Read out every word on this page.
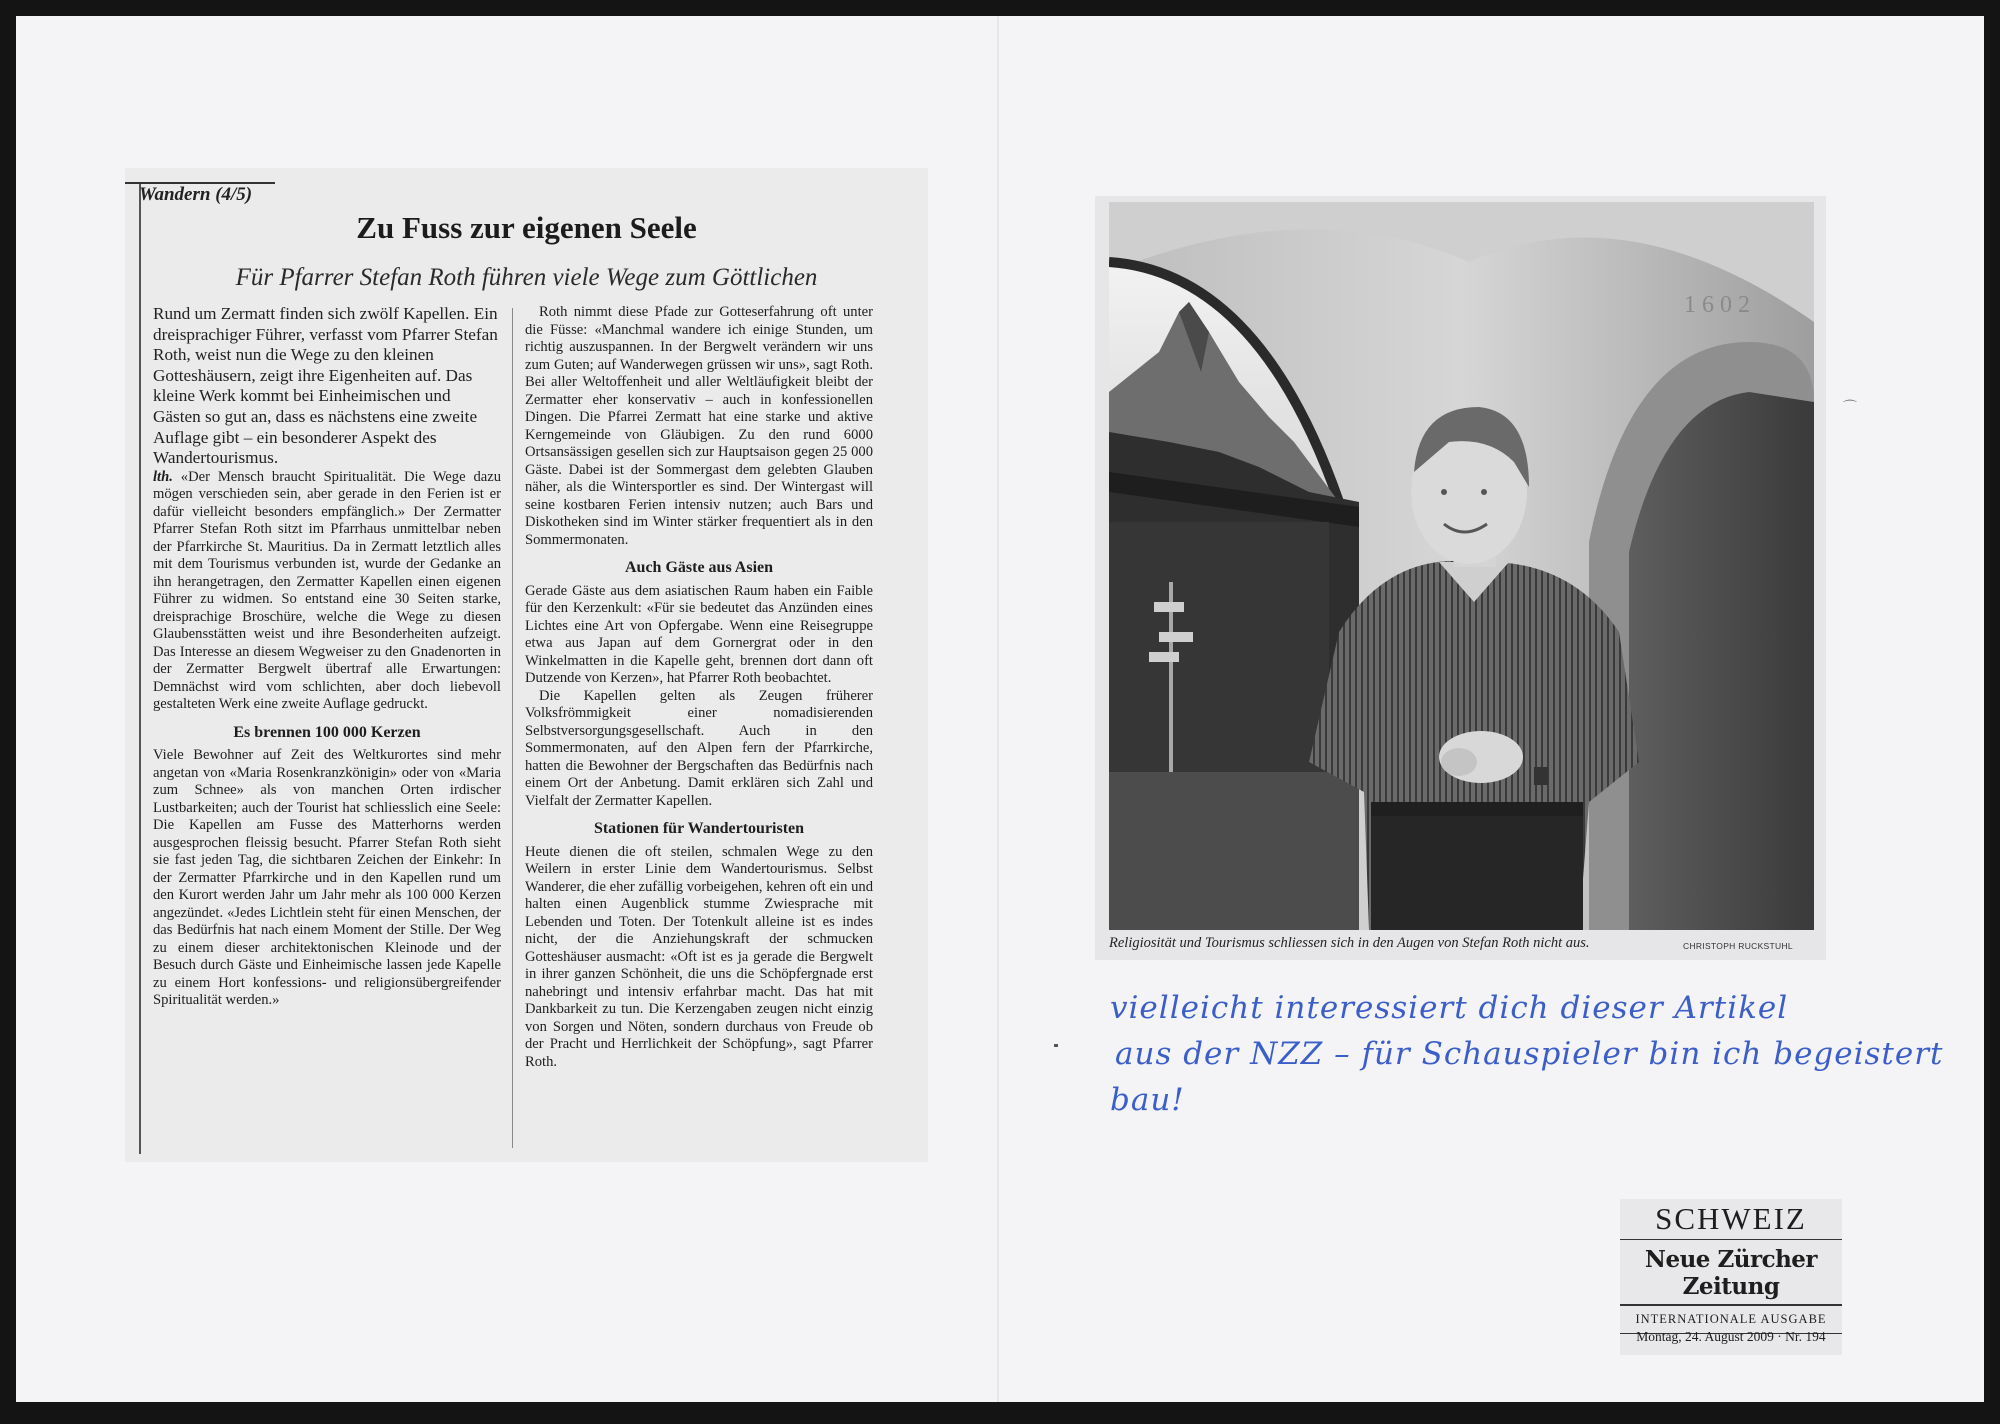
Wandern (4/5)
Zu Fuss zur eigenen Seele
Für Pfarrer Stefan Roth führen viele Wege zum Göttlichen

Rund um Zermatt finden sich zwölf Kapellen. Ein dreisprachiger Führer, verfasst vom Pfarrer Stefan Roth, weist nun die Wege zu den kleinen Gotteshäusern, zeigt ihre Eigenheiten auf. Das kleine Werk kommt bei Einheimischen und Gästen so gut an, dass es nächstens eine zweite Auflage gibt – ein besonderer Aspekt des Wandertourismus.

lth. «Der Mensch braucht Spiritualität. Die Wege dazu mögen verschieden sein, aber gerade in den Ferien ist er dafür vielleicht besonders empfänglich.» Der Zermatter Pfarrer Stefan Roth sitzt im Pfarrhaus unmittelbar neben der Pfarrkirche St. Mauritius. Da in Zermatt letztlich alles mit dem Tourismus verbunden ist, wurde der Gedanke an ihn herangetragen, den Zermatter Kapellen einen eigenen Führer zu widmen. So entstand eine 30 Seiten starke, dreisprachige Broschüre, welche die Wege zu diesen Glaubensstätten weist und ihre Besonderheiten aufzeigt. Das Interesse an diesem Wegweiser zu den Gnadenorten in der Zermatter Bergwelt übertraf alle Erwartungen: Demnächst wird vom schlichten, aber doch liebevoll gestalteten Werk eine zweite Auflage gedruckt.

Es brennen 100 000 Kerzen

Viele Bewohner auf Zeit des Weltkurortes sind mehr angetan von «Maria Rosenkranzkönigin» oder von «Maria zum Schnee» als von manchen Orten irdischer Lustbarkeiten; auch der Tourist hat schliesslich eine Seele: Die Kapellen am Fusse des Matterhorns werden ausgesprochen fleissig besucht. Pfarrer Stefan Roth sieht sie fast jeden Tag, die sichtbaren Zeichen der Einkehr: In der Zermatter Pfarrkirche und in den Kapellen rund um den Kurort werden Jahr um Jahr mehr als 100 000 Kerzen angezündet. «Jedes Lichtlein steht für einen Menschen, der das Bedürfnis hat nach einem Moment der Stille. Der Weg zu einem dieser architektonischen Kleinode und der Besuch durch Gäste und Einheimische lassen jede Kapelle zu einem Hort konfessions- und religionsübergreifender Spiritualität werden.»

Roth nimmt diese Pfade zur Gotteserfahrung oft unter die Füsse: «Manchmal wandere ich einige Stunden, um richtig auszuspannen. In der Bergwelt verändern wir uns zum Guten; auf Wanderwegen grüssen wir uns», sagt Roth. Bei aller Weltoffenheit und aller Weltläufigkeit bleibt der Zermatter eher konservativ – auch in konfessionellen Dingen. Die Pfarrei Zermatt hat eine starke und aktive Kerngemeinde von Gläubigen. Zu den rund 6000 Ortsansässigen gesellen sich zur Hauptsaison gegen 25 000 Gäste. Dabei ist der Sommergast dem gelebten Glauben näher, als die Wintersportler es sind. Der Wintergast will seine kostbaren Ferien intensiv nutzen; auch Bars und Diskotheken sind im Winter stärker frequentiert als in den Sommermonaten.

Auch Gäste aus Asien

Gerade Gäste aus dem asiatischen Raum haben ein Faible für den Kerzenkult: «Für sie bedeutet das Anzünden eines Lichtes eine Art von Opfergabe. Wenn eine Reisegruppe etwa aus Japan auf dem Gornergrat oder in den Winkelmatten in die Kapelle geht, brennen dort dann oft Dutzende von Kerzen», hat Pfarrer Roth beobachtet.

Die Kapellen gelten als Zeugen früherer Volksfrömmigkeit einer nomadisierenden Selbstversorgungsgesellschaft. Auch in den Sommermonaten, auf den Alpen fern der Pfarrkirche, hatten die Bewohner der Bergschaften das Bedürfnis nach einem Ort der Anbetung. Damit erklären sich Zahl und Vielfalt der Zermatter Kapellen.

Stationen für Wandertouristen

Heute dienen die oft steilen, schmalen Wege zu den Weilern in erster Linie dem Wandertourismus. Selbst Wanderer, die eher zufällig vorbeigehen, kehren oft ein und halten einen Augenblick stumme Zwiesprache mit Lebenden und Toten. Der Totenkult alleine ist es indes nicht, der die Anziehungskraft der schmucken Gotteshäuser ausmacht: «Oft ist es ja gerade die Bergwelt in ihrer ganzen Schönheit, die uns die Schöpfergnade erst nahebringt und intensiv erfahrbar macht. Das hat mit Dankbarkeit zu tun. Die Kerzengaben zeugen nicht einzig von Sorgen und Nöten, sondern durchaus von Freude ob der Pracht und Herrlichkeit der Schöpfung», sagt Pfarrer Roth.

1 6 0 2
Religiosität und Tourismus schliessen sich in den Augen von Stefan Roth nicht aus.	CHRISTOPH RUCKSTUHL
⌒
vielleicht interessiert dich dieser Artikel
aus der NZZ – für Schauspieler bin ich begeistert
bau!
SCHWEIZ
Neue Zürcher Zeitung
INTERNATIONALE AUSGABE
Montag, 24. August 2009 · Nr. 194
